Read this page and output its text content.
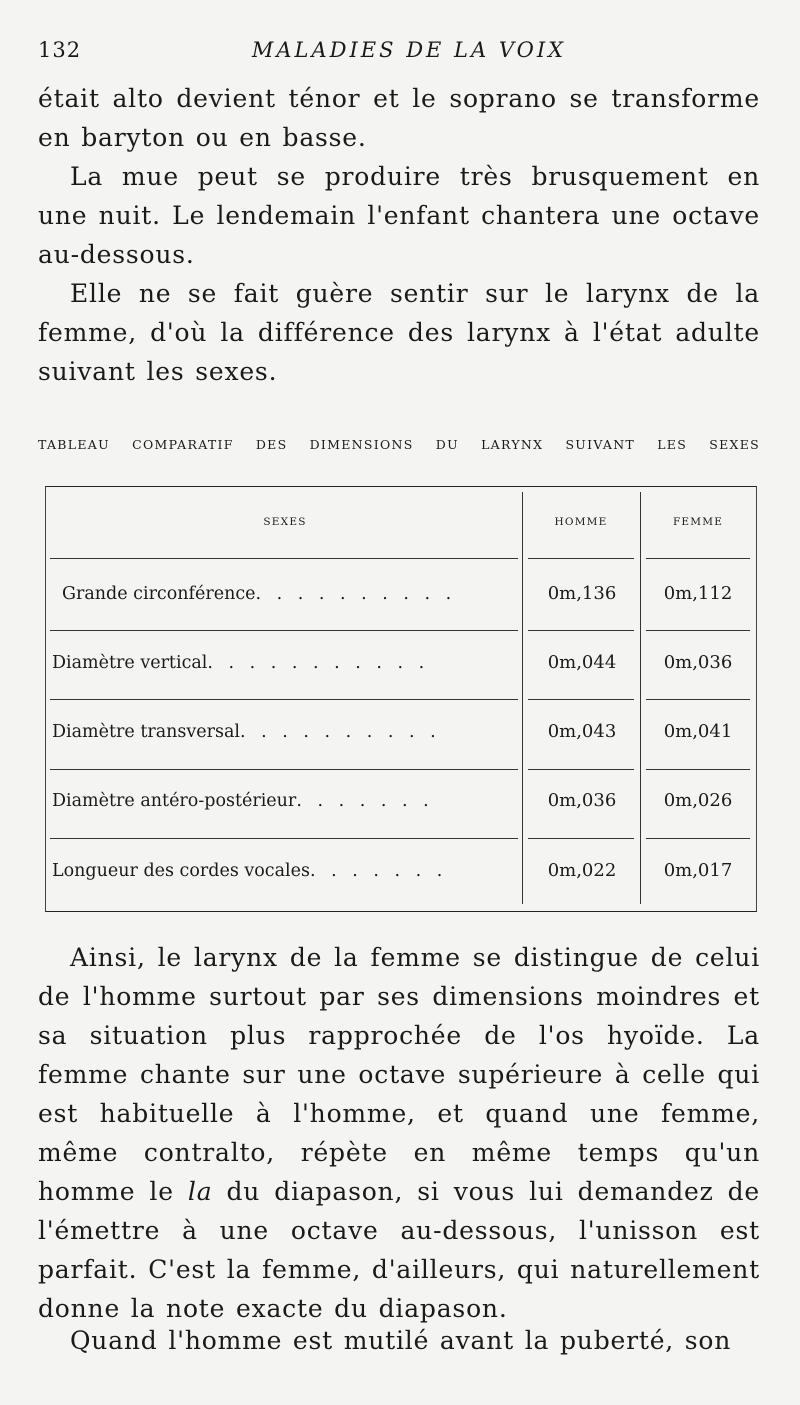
132	MALADIES DE LA VOIX

était alto devient ténor et le soprano se transforme en baryton ou en basse.

La mue peut se produire très brusquement en une nuit. Le lendemain l'enfant chantera une octave au-dessous.

Elle ne se fait guère sentir sur le larynx de la femme, d'où la différence des larynx à l'état adulte suivant les sexes.

TABLEAU COMPARATIF DES DIMENSIONS DU LARYNX SUIVANT LES SEXES
SEXES	HOMME	FEMME
Grande circonférence. . . . . . . . . .	0m,136	0m,112
Diamètre vertical. . . . . . . . . . .	0m,044	0m,036
Diamètre transversal. . . . . . . . . .	0m,043	0m,041
Diamètre antéro-postérieur. . . . . . .	0m,036	0m,026
Longueur des cordes vocales. . . . . . .	0m,022	0m,017

Ainsi, le larynx de la femme se distingue de celui de l'homme surtout par ses dimensions moindres et sa situation plus rapprochée de l'os hyoïde. La femme chante sur une octave supérieure à celle qui est habituelle à l'homme, et quand une femme, même contralto, répète en même temps qu'un homme le la du diapason, si vous lui demandez de l'émettre à une octave au-dessous, l'unisson est parfait. C'est la femme, d'ailleurs, qui naturellement donne la note exacte du diapason.

Quand l'homme est mutilé avant la puberté, son
